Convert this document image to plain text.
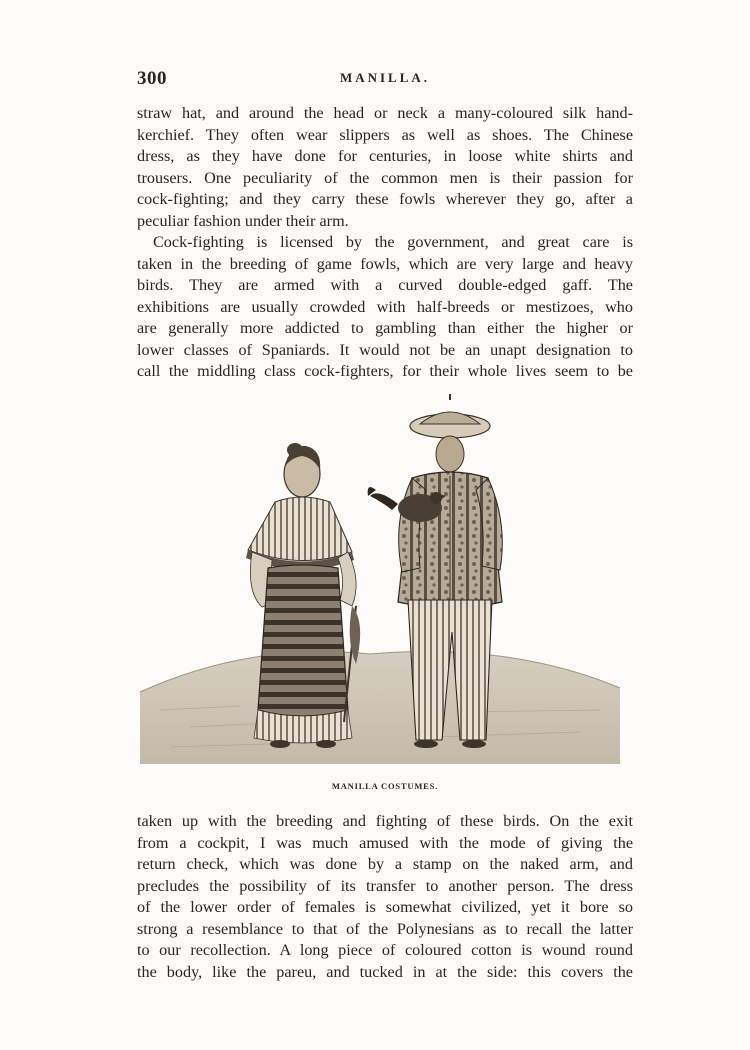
300	MANILLA.
straw hat, and around the head or neck a many-coloured silk hand-
kerchief. They often wear slippers as well as shoes. The Chinese
dress, as they have done for centuries, in loose white shirts and
trousers. One peculiarity of the common men is their passion for
cock-fighting; and they carry these fowls wherever they go, after a
peculiar fashion under their arm.
Cock-fighting is licensed by the government, and great care is
taken in the breeding of game fowls, which are very large and heavy
birds. They are armed with a curved double-edged gaff. The
exhibitions are usually crowded with half-breeds or mestizoes, who
are generally more addicted to gambling than either the higher or
lower classes of Spaniards. It would not be an unapt designation to
call the middling class cock-fighters, for their whole lives seem to be
MANILLA COSTUMES.
taken up with the breeding and fighting of these birds. On the exit
from a cockpit, I was much amused with the mode of giving the
return check, which was done by a stamp on the naked arm, and
precludes the possibility of its transfer to another person. The dress
of the lower order of females is somewhat civilized, yet it bore so
strong a resemblance to that of the Polynesians as to recall the latter
to our recollection. A long piece of coloured cotton is wound round
the body, like the pareu, and tucked in at the side: this covers the
